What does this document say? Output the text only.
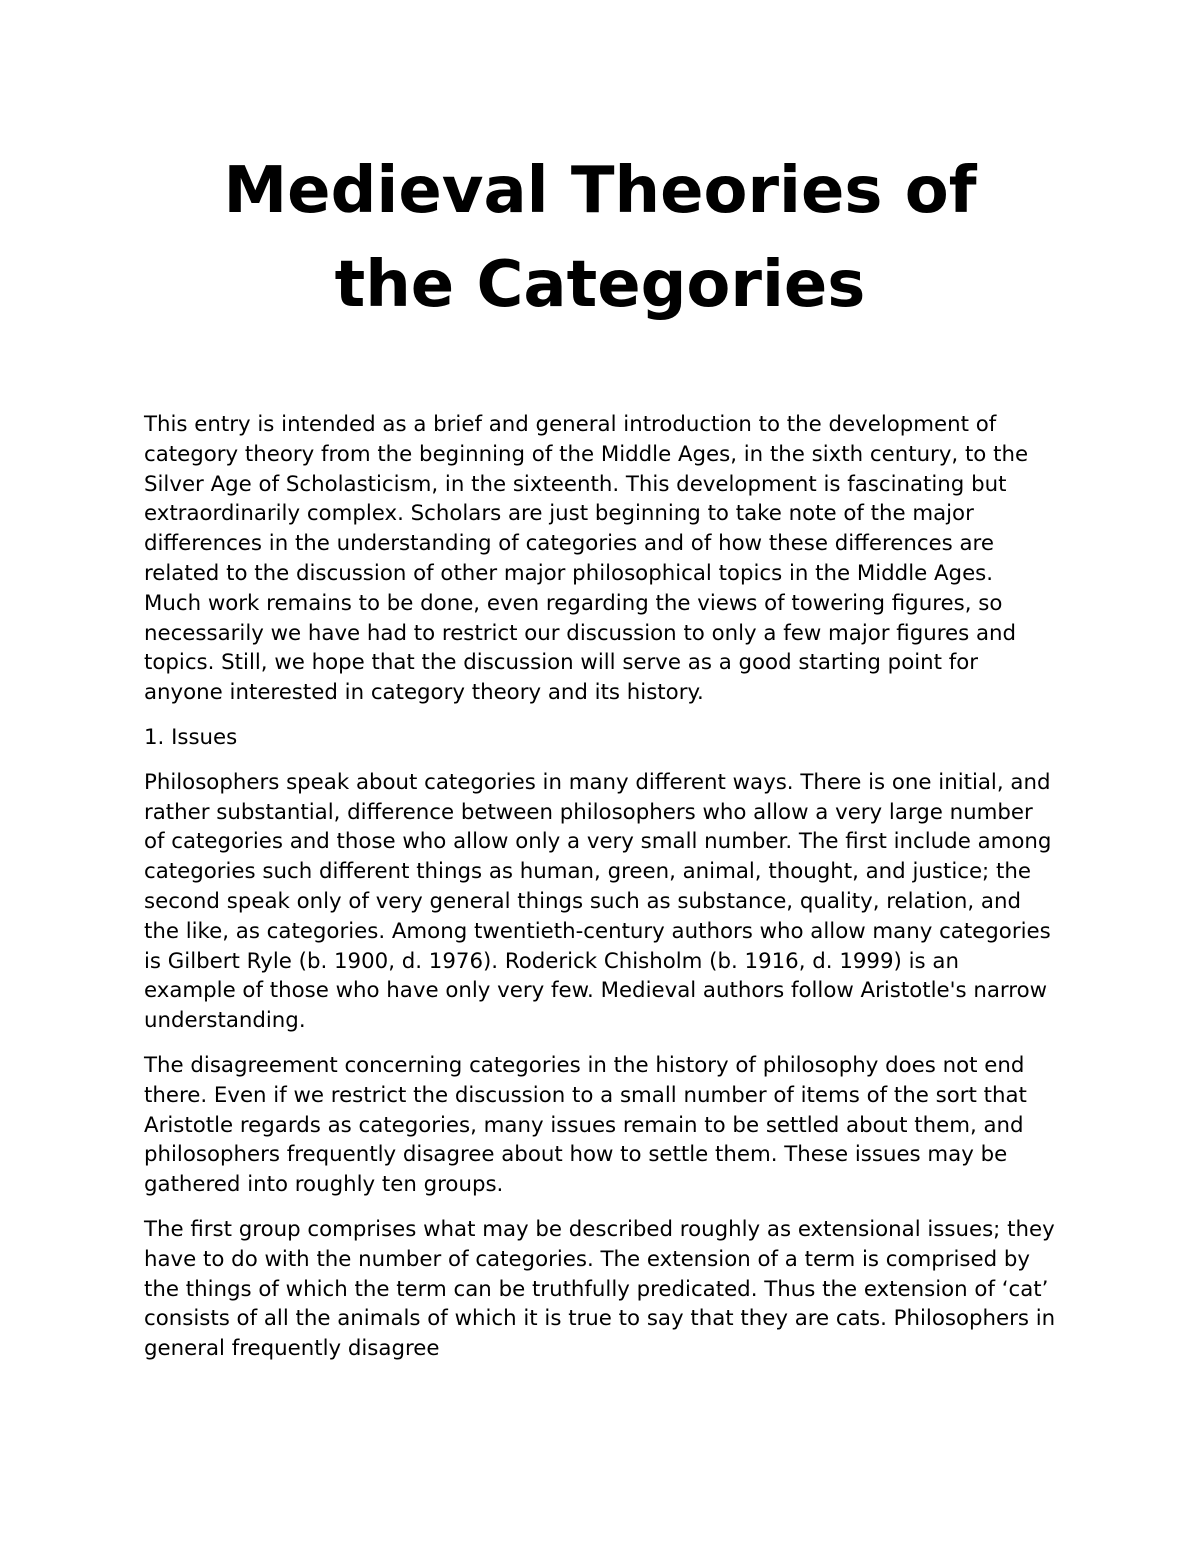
Medieval Theories of
the Categories

This entry is intended as a brief and general introduction to the development of category theory from the beginning of the Middle Ages, in the sixth century, to the Silver Age of Scholasticism, in the sixteenth. This development is fascinating but extraordinarily complex. Scholars are just beginning to take note of the major differences in the understanding of categories and of how these differences are related to the discussion of other major philosophical topics in the Middle Ages. Much work remains to be done, even regarding the views of towering figures, so necessarily we have had to restrict our discussion to only a few major figures and topics. Still, we hope that the discussion will serve as a good starting point for anyone interested in category theory and its history.

1. Issues

Philosophers speak about categories in many different ways. There is one initial, and rather substantial, difference between philosophers who allow a very large number of categories and those who allow only a very small number. The first include among categories such different things as human, green, animal, thought, and justice; the second speak only of very general things such as substance, quality, relation, and the like, as categories. Among twentieth-century authors who allow many categories is Gilbert Ryle (b. 1900, d. 1976). Roderick Chisholm (b. 1916, d. 1999) is an example of those who have only very few. Medieval authors follow Aristotle's narrow understanding.

The disagreement concerning categories in the history of philosophy does not end there. Even if we restrict the discussion to a small number of items of the sort that Aristotle regards as categories, many issues remain to be settled about them, and philosophers frequently disagree about how to settle them. These issues may be gathered into roughly ten groups.

The first group comprises what may be described roughly as extensional issues; they have to do with the number of categories. The extension of a term is comprised by the things of which the term can be truthfully predicated. Thus the extension of ‘cat’ consists of all the animals of which it is true to say that they are cats. Philosophers in general frequently disagree
